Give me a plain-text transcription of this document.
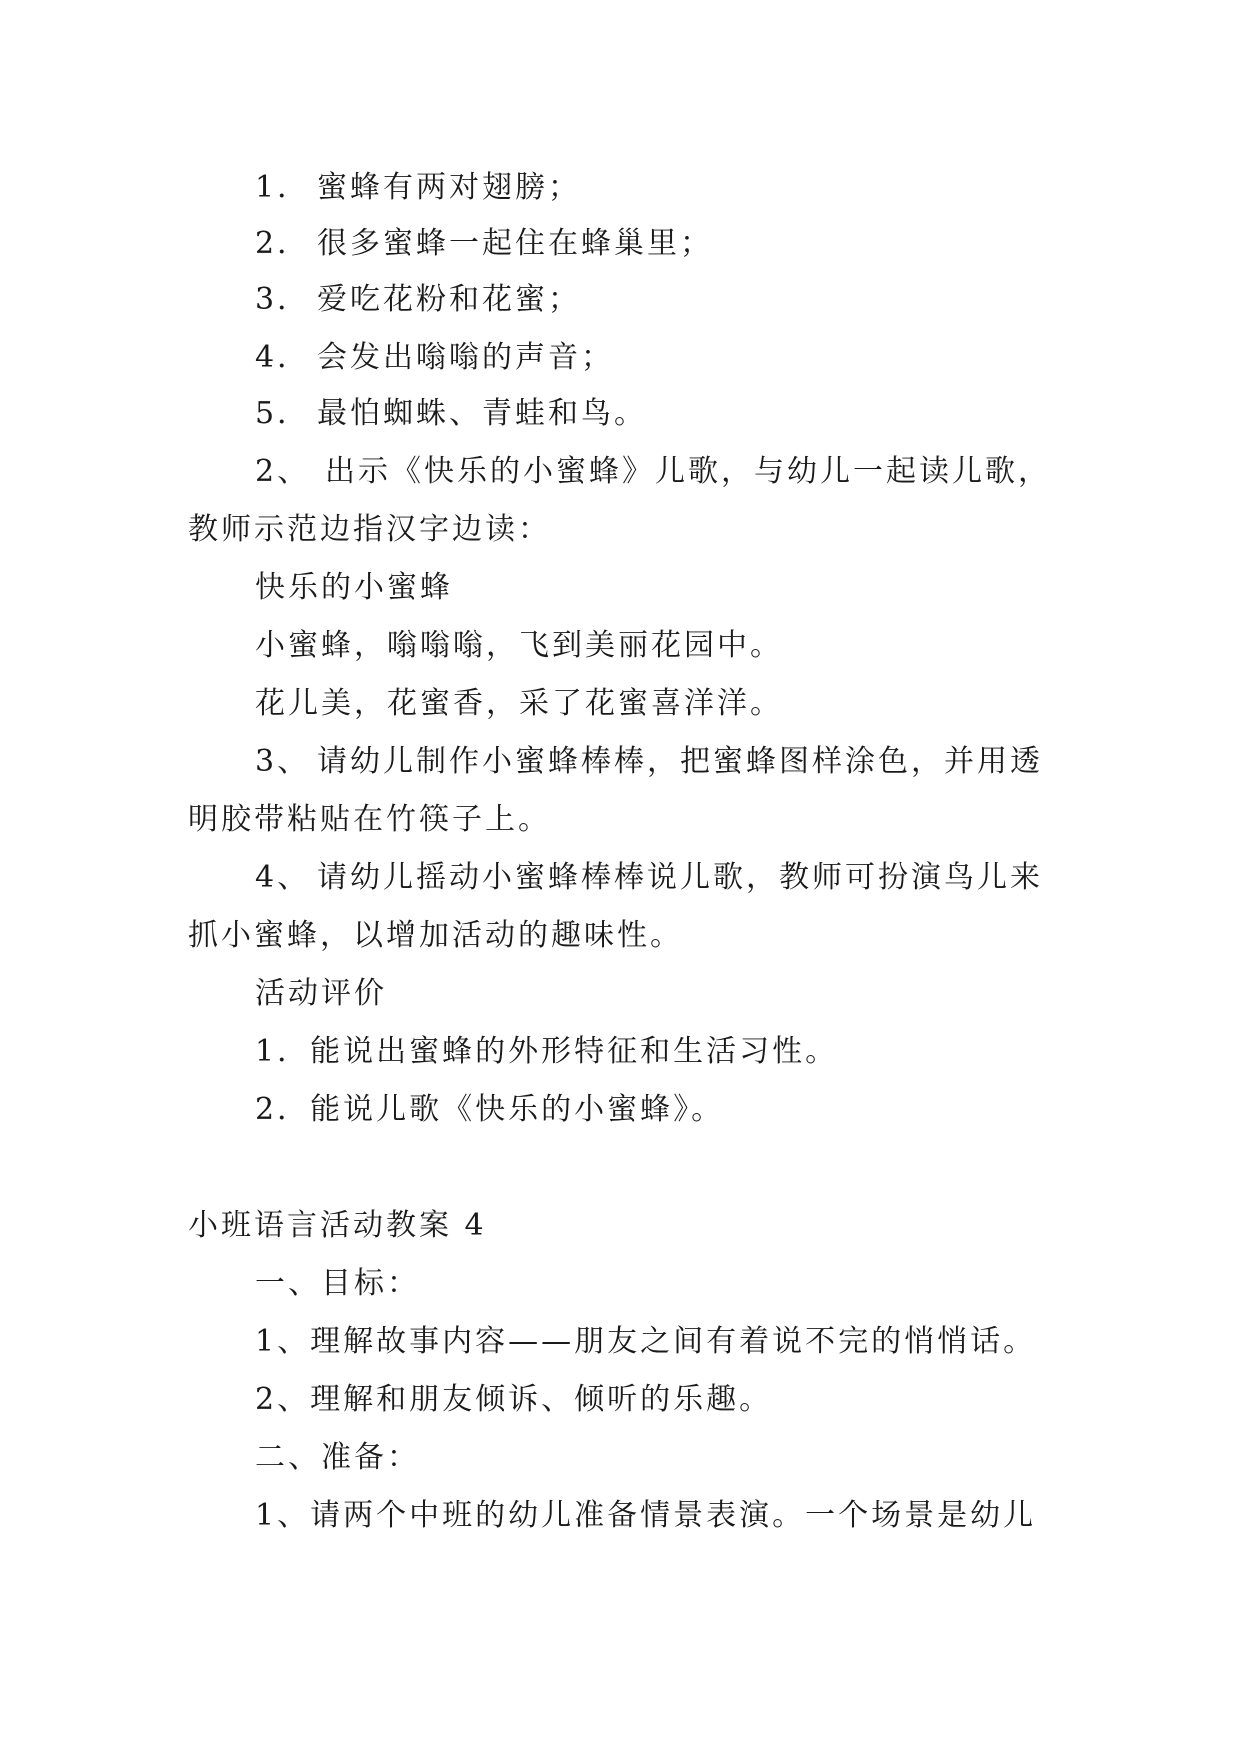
1． 蜜蜂有两对翅膀；
2． 很多蜜蜂一起住在蜂巢里；
3． 爱吃花粉和花蜜；
4． 会发出嗡嗡的声音；
5． 最怕蜘蛛、青蛙和鸟。
2、 出示《快乐的小蜜蜂》儿歌，与幼儿一起读儿歌，
教师示范边指汉字边读：
快乐的小蜜蜂
小蜜蜂，嗡嗡嗡，飞到美丽花园中。
花儿美，花蜜香，采了花蜜喜洋洋。
3、 请幼儿制作小蜜蜂棒棒，把蜜蜂图样涂色，并用透
明胶带粘贴在竹筷子上。
4、 请幼儿摇动小蜜蜂棒棒说儿歌，教师可扮演鸟儿来
抓小蜜蜂，以增加活动的趣味性。
活动评价
1．能说出蜜蜂的外形特征和生活习性。
2．能说儿歌《快乐的小蜜蜂》。
小班语言活动教案 4
一、目标：
1、理解故事内容——朋友之间有着说不完的悄悄话。
2、理解和朋友倾诉、倾听的乐趣。
二、准备：
1、请两个中班的幼儿准备情景表演。一个场景是幼儿
